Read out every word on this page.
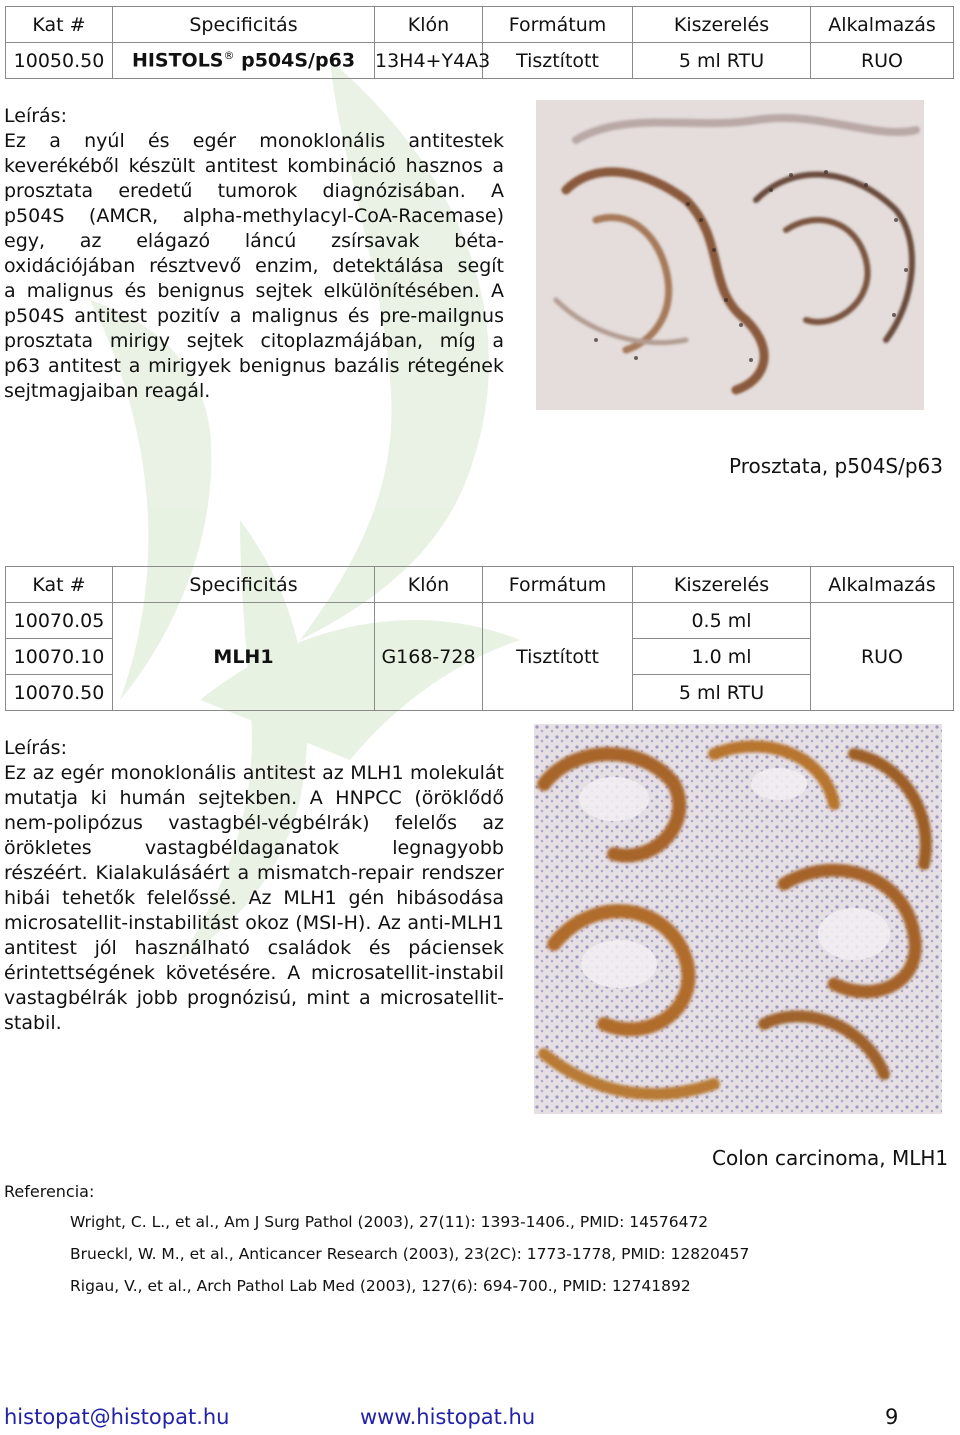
Kat #	Specificitás	Klón	Formátum	Kiszerelés	Alkalmazás
10050.50	HISTOLS® p504S/p63	13H4+Y4A3	Tisztított	5 ml RTU	RUO
Leírás:
Ez a nyúl és egér monoklonális antitestek
keverékéből készült antitest kombináció hasznos a
prosztata eredetű tumorok diagnózisában. A
p504S (AMCR, alpha-methylacyl-CoA-Racemase)
egy, az elágazó láncú zsírsavak béta-
oxidációjában résztvevő enzim, detektálása segít
a malignus és benignus sejtek elkülönítésében. A
p504S antitest pozitív a malignus és pre-mailgnus
prosztata mirigy sejtek citoplazmájában, míg a
p63 antitest a mirigyek benignus bazális rétegének
sejtmagjaiban reagál.
Prosztata, p504S/p63
Kat #	Specificitás	Klón	Formátum	Kiszerelés	Alkalmazás
10070.05	MLH1	G168-728	Tisztított	0.5 ml	RUO
10070.10				1.0 ml	
10070.50				5 ml RTU	
Leírás:
Ez az egér monoklonális antitest az MLH1 molekulát
mutatja ki humán sejtekben. A HNPCC (öröklődő
nem-polipózus vastagbél-végbélrák) felelős az
örökletes vastagbéldaganatok legnagyobb
részéért. Kialakulásáért a mismatch-repair rendszer
hibái tehetők felelőssé. Az MLH1 gén hibásodása
microsatellit-instabilitást okoz (MSI-H). Az anti-MLH1
antitest jól használható családok és páciensek
érintettségének követésére. A microsatellit-instabil
vastagbélrák jobb prognózisú, mint a microsatellit-
stabil.
Colon carcinoma, MLH1
Referencia:
Wright, C. L., et al., Am J Surg Pathol (2003), 27(11): 1393-1406., PMID: 14576472
Brueckl, W. M., et al., Anticancer Research (2003), 23(2C): 1773-1778, PMID: 12820457
Rigau, V., et al., Arch Pathol Lab Med (2003), 127(6): 694-700., PMID: 12741892
histopat@histopat.hu	www.histopat.hu	9
